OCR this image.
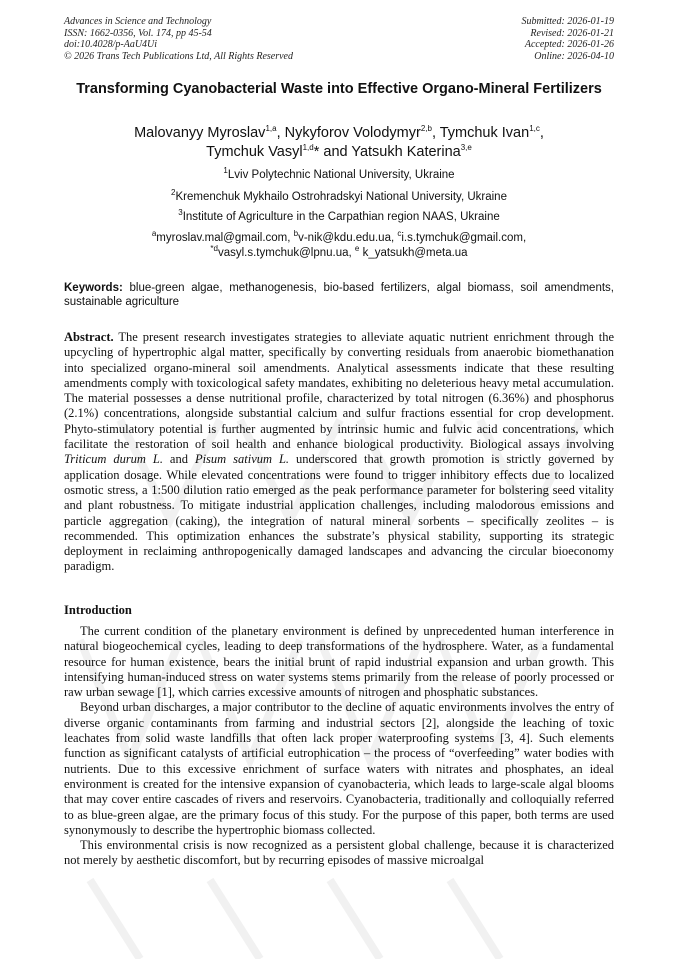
Advances in Science and Technology
ISSN: 1662-0356, Vol. 174, pp 45-54
doi:10.4028/p-AaU4Ui
© 2026 Trans Tech Publications Ltd, All Rights Reserved
Submitted: 2026-01-19
Revised: 2026-01-21
Accepted: 2026-01-26
Online: 2026-04-10
Transforming Cyanobacterial Waste into Effective Organo-Mineral Fertilizers
Malovanyy Myroslav$^{1,a}$, Nykyforov Volodymyr$^{2,b}$, Tymchuk Ivan$^{1,c}$,
Tymchuk Vasyl$^{1,d}$* and Yatsukh Katerina$^{3,e}$
$^1$Lviv Polytechnic National University, Ukraine
$^2$Kremenchuk Mykhailo Ostrohradskyi National University, Ukraine
$^3$Institute of Agriculture in the Carpathian region NAAS, Ukraine
$^a$myroslav.mal@gmail.com, $^b$v-nik@kdu.edu.ua, $^c$i.s.tymchuk@gmail.com,
$^{*d}$vasyl.s.tymchuk@lpnu.ua, $^e$ k_yatsukh@meta.ua
Keywords: blue-green algae, methanogenesis, bio-based fertilizers, algal biomass, soil amendments, sustainable agriculture
Abstract. The present research investigates strategies to alleviate aquatic nutrient enrichment through the upcycling of hypertrophic algal matter, specifically by converting residuals from anaerobic biomethanation into specialized organo-mineral soil amendments. Analytical assessments indicate that these resulting amendments comply with toxicological safety mandates, exhibiting no deleterious heavy metal accumulation. The material possesses a dense nutritional profile, characterized by total nitrogen (6.36%) and phosphorus (2.1%) concentrations, alongside substantial calcium and sulfur fractions essential for crop development. Phyto-stimulatory potential is further augmented by intrinsic humic and fulvic acid concentrations, which facilitate the restoration of soil health and enhance biological productivity. Biological assays involving Triticum durum L. and Pisum sativum L. underscored that growth promotion is strictly governed by application dosage. While elevated concentrations were found to trigger inhibitory effects due to localized osmotic stress, a 1:500 dilution ratio emerged as the peak performance parameter for bolstering seed vitality and plant robustness. To mitigate industrial application challenges, including malodorous emissions and particle aggregation (caking), the integration of natural mineral sorbents – specifically zeolites – is recommended. This optimization enhances the substrate’s physical stability, supporting its strategic deployment in reclaiming anthropogenically damaged landscapes and advancing the circular bioeconomy paradigm.
Introduction

The current condition of the planetary environment is defined by unprecedented human interference in natural biogeochemical cycles, leading to deep transformations of the hydrosphere. Water, as a fundamental resource for human existence, bears the initial brunt of rapid industrial expansion and urban growth. This intensifying human-induced stress on water systems stems primarily from the release of poorly processed or raw urban sewage [1], which carries excessive amounts of nitrogen and phosphatic substances.

Beyond urban discharges, a major contributor to the decline of aquatic environments involves the entry of diverse organic contaminants from farming and industrial sectors [2], alongside the leaching of toxic leachates from solid waste landfills that often lack proper waterproofing systems [3, 4]. Such elements function as significant catalysts of artificial eutrophication – the process of “overfeeding” water bodies with nutrients. Due to this excessive enrichment of surface waters with nitrates and phosphates, an ideal environment is created for the intensive expansion of cyanobacteria, which leads to large-scale algal blooms that may cover entire cascades of rivers and reservoirs. Cyanobacteria, traditionally and colloquially referred to as blue-green algae, are the primary focus of this study. For the purpose of this paper, both terms are used synonymously to describe the hypertrophic biomass collected.

This environmental crisis is now recognized as a persistent global challenge, because it is characterized not merely by aesthetic discomfort, but by recurring episodes of massive microalgal
